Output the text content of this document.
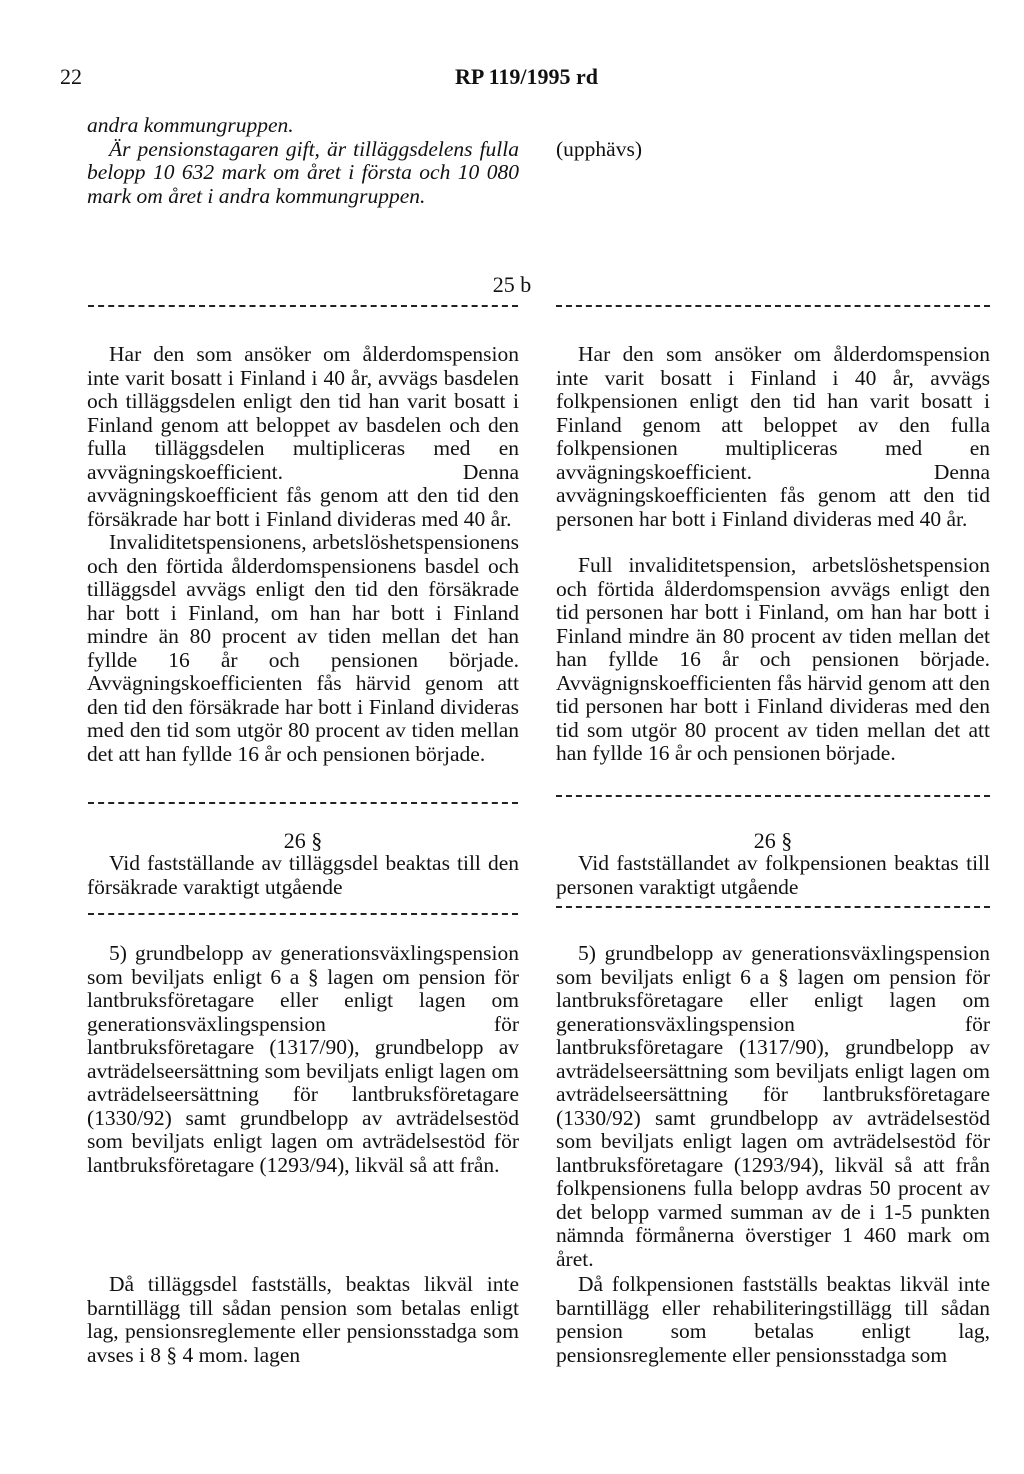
22	RP 119/1995 rd

andra kommungruppen.

Är pensionstagaren gift, är tilläggsdelens fulla belopp 10 632 mark om året i första och 10 080 mark om året i andra kommungruppen.

(upphävs)

25 b

Har den som ansöker om ålderdomspension inte varit bosatt i Finland i 40 år, avvägs basdelen och tilläggsdelen enligt den tid han varit bosatt i Finland genom att beloppet av basdelen och den fulla tilläggsdelen multipliceras med en avvägningskoefficient. Denna avvägningskoefficient fås genom att den tid den försäkrade har bott i Finland divideras med 40 år.

Invaliditetspensionens, arbetslöshetspensionens och den förtida ålderdomspensionens basdel och tilläggsdel avvägs enligt den tid den försäkrade har bott i Finland, om han har bott i Finland mindre än 80 procent av tiden mellan det han fyllde 16 år och pensionen började. Avvägningskoefficienten fås härvid genom att den tid den försäkrade har bott i Finland divideras med den tid som utgör 80 procent av tiden mellan det att han fyllde 16 år och pensionen började.

Har den som ansöker om ålderdomspension inte varit bosatt i Finland i 40 år, avvägs folkpensionen enligt den tid han varit bosatt i Finland genom att beloppet av den fulla folkpensionen multipliceras med en avvägningskoefficient. Denna avvägningskoefficienten fås genom att den tid personen har bott i Finland divideras med 40 år.

Full invaliditetspension, arbetslöshetspension och förtida ålderdomspension avvägs enligt den tid personen har bott i Finland, om han har bott i Finland mindre än 80 procent av tiden mellan det han fyllde 16 år och pensionen började. Avvägnignskoefficienten fås härvid genom att den tid personen har bott i Finland divideras med den tid som utgör 80 procent av tiden mellan det att han fyllde 16 år och pensionen började.

26 §	26 §

Vid fastställande av tilläggsdel beaktas till den försäkrade varaktigt utgående

Vid fastställandet av folkpensionen beaktas till personen varaktigt utgående

5) grundbelopp av generationsväxlingspension som beviljats enligt 6 a § lagen om pension för lantbruksföretagare eller enligt lagen om generationsväxlingspension för lantbruksföretagare (1317/90), grundbelopp av avträdelseersättning som beviljats enligt lagen om avträdelseersättning för lantbruksföretagare (1330/92) samt grundbelopp av avträdelsestöd som beviljats enligt lagen om avträdelsestöd för lantbruksföretagare (1293/94), likväl så att från.

5) grundbelopp av generationsväxlingspension som beviljats enligt 6 a § lagen om pension för lantbruksföretagare eller enligt lagen om generationsväxlingspension för lantbruksföretagare (1317/90), grundbelopp av avträdelseersättning som beviljats enligt lagen om avträdelseersättning för lantbruksföretagare (1330/92) samt grundbelopp av avträdelsestöd som beviljats enligt lagen om avträdelsestöd för lantbruksföretagare (1293/94), likväl så att från folkpensionens fulla belopp avdras 50 procent av det belopp varmed summan av de i 1-5 punkten nämnda förmånerna överstiger 1 460 mark om året.

Då tilläggsdel fastställs, beaktas likväl inte barntillägg till sådan pension som betalas enligt lag, pensionsreglemente eller pensionsstadga som avses i 8 § 4 mom. lagen

Då folkpensionen fastställs beaktas likväl inte barntillägg eller rehabiliteringstillägg till sådan pension som betalas enligt lag, pensionsreglemente eller pensionsstadga som
